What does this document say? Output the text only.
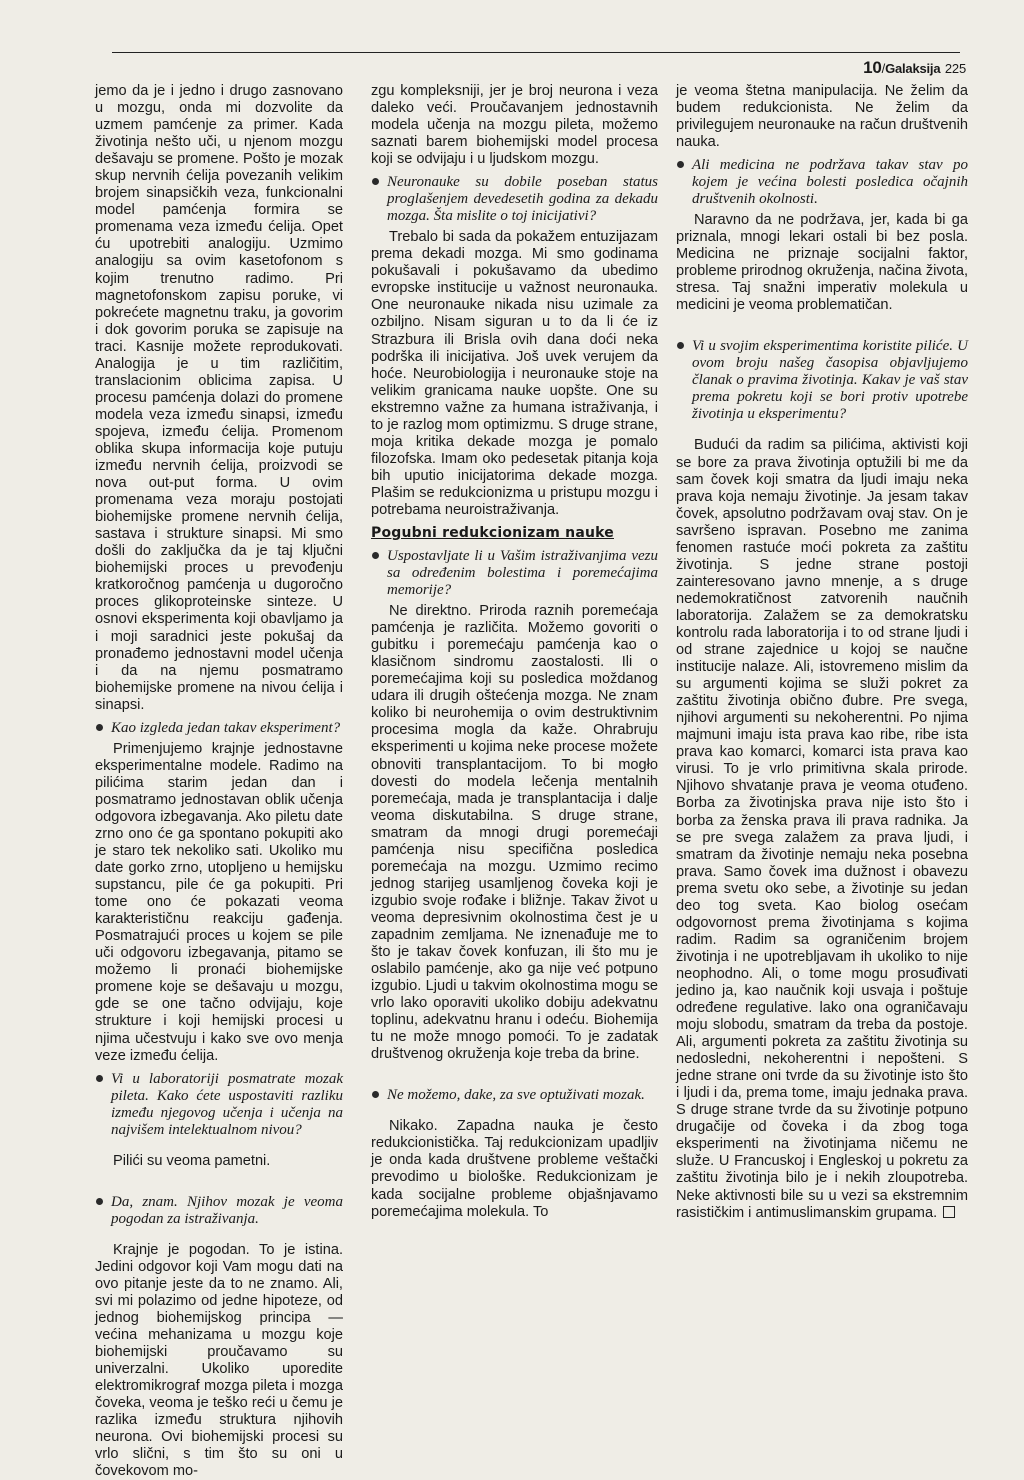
10/Galaksija 225

jemo da je i jedno i drugo zasnovano u mozgu, onda mi dozvolite da uzmem pamćenje za primer. Kada životinja nešto uči, u njenom mozgu dešavaju se promene. Pošto je mozak skup nervnih ćelija povezanih velikim brojem sinapsičkih veza, funkcionalni model pamćenja formira se promenama veza između ćelija. Opet ću upotrebiti analogiju. Uzmimo analogiju sa ovim kasetofonom s kojim trenutno radimo. Pri magnetofonskom zapisu poruke, vi pokrećete magnetnu traku, ja govorim i dok govorim poruka se zapisuje na traci. Kasnije možete reprodukovati. Analogija je u tim različitim, translacionim oblicima zapisa. U procesu pamćenja dolazi do promene modela veza između sinapsi, između spojeva, između ćelija. Promenom oblika skupa informacija koje putuju između nervnih ćelija, proizvodi se nova out-put forma. U ovim promenama veza moraju postojati biohemijske promene nervnih ćelija, sastava i strukture sinapsi. Mi smo došli do zaključka da je taj ključni biohemijski proces u prevođenju kratkoročnog pamćenja u dugoročno proces glikoproteinske sinteze. U osnovi eksperimenta koji obavljamo ja i moji saradnici jeste pokušaj da pronađemo jednostavni model učenja i da na njemu posmatramo biohemijske promene na nivou ćelija i sinapsi.

Kao izgleda jedan takav eksperiment?

Primenjujemo krajnje jednostavne eksperimentalne modele. Radimo na pilićima starim jedan dan i posmatramo jednostavan oblik učenja odgovora izbegavanja. Ako piletu date zrno ono će ga spontano pokupiti ako je staro tek nekoliko sati. Ukoliko mu date gorko zrno, utopljeno u hemijsku supstancu, pile će ga pokupiti. Pri tome ono će pokazati veoma karakterističnu reakciju gađenja. Posmatrajući proces u kojem se pile uči odgovoru izbegavanja, pitamo se možemo li pronaći biohemijske promene koje se dešavaju u mozgu, gde se one tačno odvijaju, koje strukture i koji hemijski procesi u njima učestvuju i kako sve ovo menja veze između ćelija.

Vi u laboratoriji posmatrate mozak pileta. Kako ćete uspostaviti razliku između njegovog učenja i učenja na najvišem intelektualnom nivou?

Pilići su veoma pametni.

Da, znam. Njihov mozak je veoma pogodan za istraživanja.

Krajnje je pogodan. To je istina. Jedini odgovor koji Vam mogu dati na ovo pitanje jeste da to ne znamo. Ali, svi mi polazimo od jedne hipoteze, od jednog biohemijskog principa — većina mehanizama u mozgu koje biohemijski proučavamo su univerzalni. Ukoliko uporedite elektromikrograf mozga pileta i mozga čoveka, veoma je teško reći u čemu je razlika između struktura njihovih neurona. Ovi biohemijski procesi su vrlo slični, s tim što su oni u čovekovom mo-

zgu kompleksniji, jer je broj neurona i veza daleko veći. Proučavanjem jednostavnih modela učenja na mozgu pileta, možemo saznati barem biohemijski model procesa koji se odvijaju i u ljudskom mozgu.

Neuronauke su dobile poseban status proglašenjem devedesetih godina za dekadu mozga. Šta mislite o toj inicijativi?

Trebalo bi sada da pokažem entuzijazam prema dekadi mozga. Mi smo godinama pokušavali i pokušavamo da ubedimo evropske institucije u važnost neuronauka. One neuronauke nikada nisu uzimale za ozbiljno. Nisam siguran u to da li će iz Strazbura ili Brisla ovih dana doći neka podrška ili inicijativa. Još uvek verujem da hoće. Neurobiologija i neuronauke stoje na velikim granicama nauke uopšte. One su ekstremno važne za humana istraživanja, i to je razlog mom optimizmu. S druge strane, moja kritika dekade mozga je pomalo filozofska. Imam oko pedesetak pitanja koja bih uputio inicijatorima dekade mozga. Plašim se redukcionizma u pristupu mozgu i potrebama neuroistraživanja.

Pogubni redukcionizam nauke
Uspostavljate li u Vašim istraživanjima vezu sa određenim bolestima i poremećajima memorije?

Ne direktno. Priroda raznih poremećaja pamćenja je različita. Možemo govoriti o gubitku i poremećaju pamćenja kao o klasičnom sindromu zaostalosti. Ili o poremećajima koji su posledica moždanog udara ili drugih oštećenja mozga. Ne znam koliko bi neurohemija o ovim destruktivnim procesima mogla da kaže. Ohrabruju eksperimenti u kojima neke procese možete obnoviti transplantacijom. To bi mogło dovesti do modela lečenja mentalnih poremećaja, mada je transplantacija i dalje veoma diskutabilna. S druge strane, smatram da mnogi drugi poremećaji pamćenja nisu specifična posledica poremećaja na mozgu. Uzmimo recimo jednog starijeg usamljenog čoveka koji je izgubio svoje rođake i bližnje. Takav život u veoma depresivnim okolnostima čest je u zapadnim zemljama. Ne iznenađuje me to što je takav čovek konfuzan, ili što mu je oslabilo pamćenje, ako ga nije već potpuno izgubio. Ljudi u takvim okolnostima mogu se vrlo lako oporaviti ukoliko dobiju adekvatnu toplinu, adekvatnu hranu i odeću. Biohemija tu ne može mnogo pomoći. To je zadatak društvenog okruženja koje treba da brine.

Ne možemo, dake, za sve optuživati mozak.

Nikako. Zapadna nauka je često redukcionistička. Taj redukcionizam upadljiv je onda kada društvene probleme veštački prevodimo u biološke. Redukcionizam je kada socijalne probleme objašnjavamo poremećajima molekula. To

je veoma štetna manipulacija. Ne želim da budem redukcionista. Ne želim da privilegujem neuronauke na račun društvenih nauka.

Ali medicina ne podržava takav stav po kojem je većina bolesti posledica očajnih društvenih okolnosti.

Naravno da ne podržava, jer, kada bi ga priznala, mnogi lekari ostali bi bez posla. Medicina ne priznaje socijalni faktor, probleme prirodnog okruženja, načina života, stresa. Taj snažni imperativ molekula u medicini je veoma problematičan.

Vi u svojim eksperimentima koristite piliće. U ovom broju našeg časopisa objavljujemo članak o pravima životinja. Kakav je vaš stav prema pokretu koji se bori protiv upotrebe životinja u eksperimentu?

Budući da radim sa pilićima, aktivisti koji se bore za prava životinja optužili bi me da sam čovek koji smatra da ljudi imaju neka prava koja nemaju životinje. Ja jesam takav čovek, apsolutno podržavam ovaj stav. On je savršeno ispravan. Posebno me zanima fenomen rastuće moći pokreta za zaštitu životinja. S jedne strane postoji zainteresovano javno mnenje, a s druge nedemokratičnost zatvorenih naučnih laboratorija. Zalažem se za demokratsku kontrolu rada laboratorija i to od strane ljudi i od strane zajednice u kojoj se naučne institucije nalaze. Ali, istovremeno mislim da su argumenti kojima se služi pokret za zaštitu životinja obično đubre. Pre svega, njihovi argumenti su nekoherentni. Po njima majmuni imaju ista prava kao ribe, ribe ista prava kao komarci, komarci ista prava kao virusi. To je vrlo primitivna skala prirode. Njihovo shvatanje prava je veoma otuđeno. Borba za životinjska prava nije isto što i borba za ženska prava ili prava radnika. Ja se pre svega zalažem za prava ljudi, i smatram da životinje nemaju neka posebna prava. Samo čovek ima dužnost i obavezu prema svetu oko sebe, a životinje su jedan deo tog sveta. Kao biolog osećam odgovornost prema životinjama s kojima radim. Radim sa ograničenim brojem životinja i ne upotrebljavam ih ukoliko to nije neophodno. Ali, o tome mogu prosuđivati jedino ja, kao naučnik koji usvaja i poštuje određene regulative. lako ona ograničavaju moju slobodu, smatram da treba da postoje. Ali, argumenti pokreta za zaštitu životinja su nedosledni, nekoherentni i nepošteni. S jedne strane oni tvrde da su životinje isto što i ljudi i da, prema tome, imaju jednaka prava. S druge strane tvrde da su životinje potpuno drugačije od čoveka i da zbog toga eksperimenti na životinjama ničemu ne služe. U Francuskoj i Engleskoj u pokretu za zaštitu životinja bilo je i nekih zloupotreba. Neke aktivnosti bile su u vezi sa ekstremnim rasističkim i antimuslimanskim grupama.
